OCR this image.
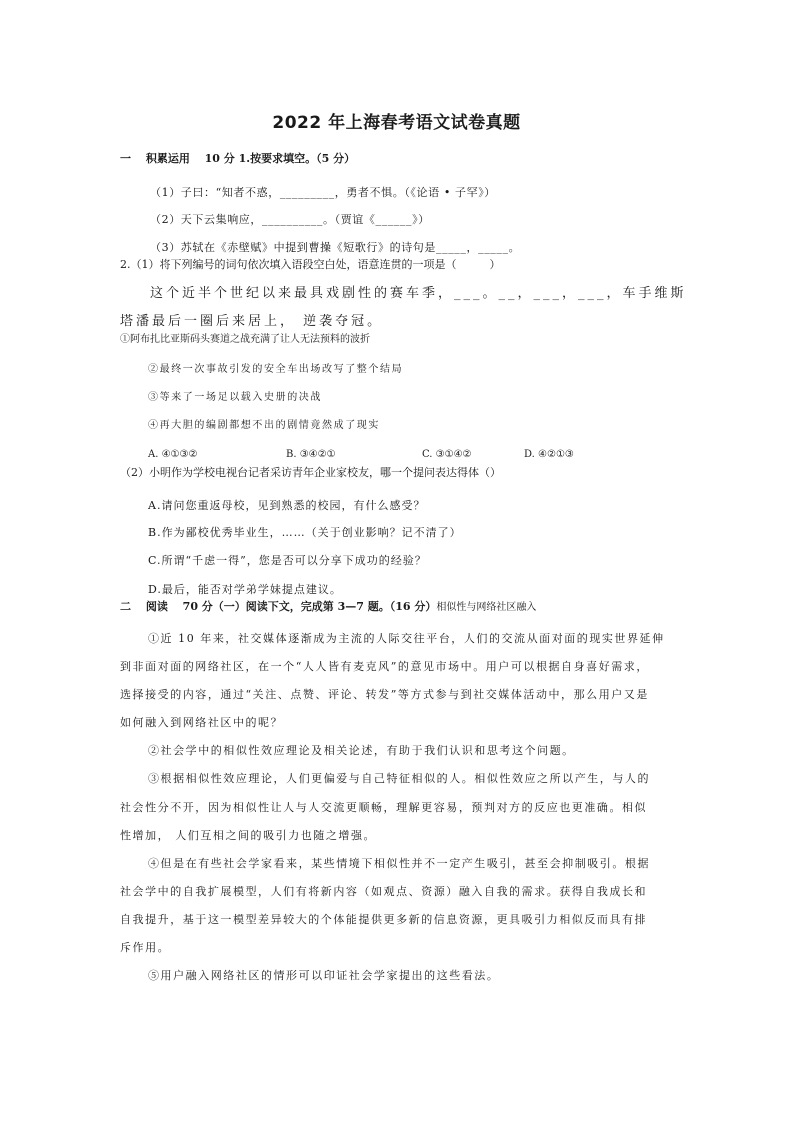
2022 年上海春考语文试卷真题
一　 积累运用　 10 分 1.按要求填空。（5 分）
（1）子曰：“知者不惑，_________，勇者不惧。（《论语 • 子罕》）
（2）天下云集响应，__________。（贾谊《______》）
（3）苏轼在《赤壁赋》中提到曹操《短歌行》的诗句是_____，_____。
2.（1）将下列编号的词句依次填入语段空白处，语意连贯的一项是（　　　）
这个近半个世纪以来最具戏剧性的赛车季，___。__，___，___，车手维斯
塔潘最后一圈后来居上， 逆袭夺冠。
①阿布扎比亚斯码头赛道之战充满了让人无法预料的波折
②最终一次事故引发的安全车出场改写了整个结局
③等来了一场足以载入史册的决战
④再大胆的编剧都想不出的剧情竟然成了现实
A. ④①③②	B. ③④②①	C. ③①④②	D. ④②①③
（2）小明作为学校电视台记者采访青年企业家校友，哪一个提问表达得体（）
A.请问您重返母校，见到熟悉的校园，有什么感受？
B.作为鄙校优秀毕业生，……（关于创业影响？记不清了）
C.所谓“千虑一得”，您是否可以分享下成功的经验？
D.最后，能否对学弟学妹提点建议。
二　 阅读　 70 分（一）阅读下文，完成第 3—7 题。（16 分）相似性与网络社区融入
①近 10 年来，社交媒体逐渐成为主流的人际交往平台，人们的交流从面对面的现实世界延伸
到非面对面的网络社区，在一个“人人皆有麦克风”的意见市场中。用户可以根据自身喜好需求，
选择接受的内容，通过“关注、点赞、评论、转发”等方式参与到社交媒体活动中，那么用户又是
如何融入到网络社区中的呢？
②社会学中的相似性效应理论及相关论述，有助于我们认识和思考这个问题。
③根据相似性效应理论，人们更偏爱与自己特征相似的人。相似性效应之所以产生，与人的
社会性分不开，因为相似性让人与人交流更顺畅，理解更容易，预判对方的反应也更准确。相似
性增加， 人们互相之间的吸引力也随之增强。
④但是在有些社会学家看来，某些情境下相似性并不一定产生吸引，甚至会抑制吸引。根据
社会学中的自我扩展模型，人们有将新内容（如观点、资源）融入自我的需求。获得自我成长和
自我提升，基于这一模型差异较大的个体能提供更多新的信息资源，更具吸引力相似反而具有排
斥作用。
⑤用户融入网络社区的情形可以印证社会学家提出的这些看法。
